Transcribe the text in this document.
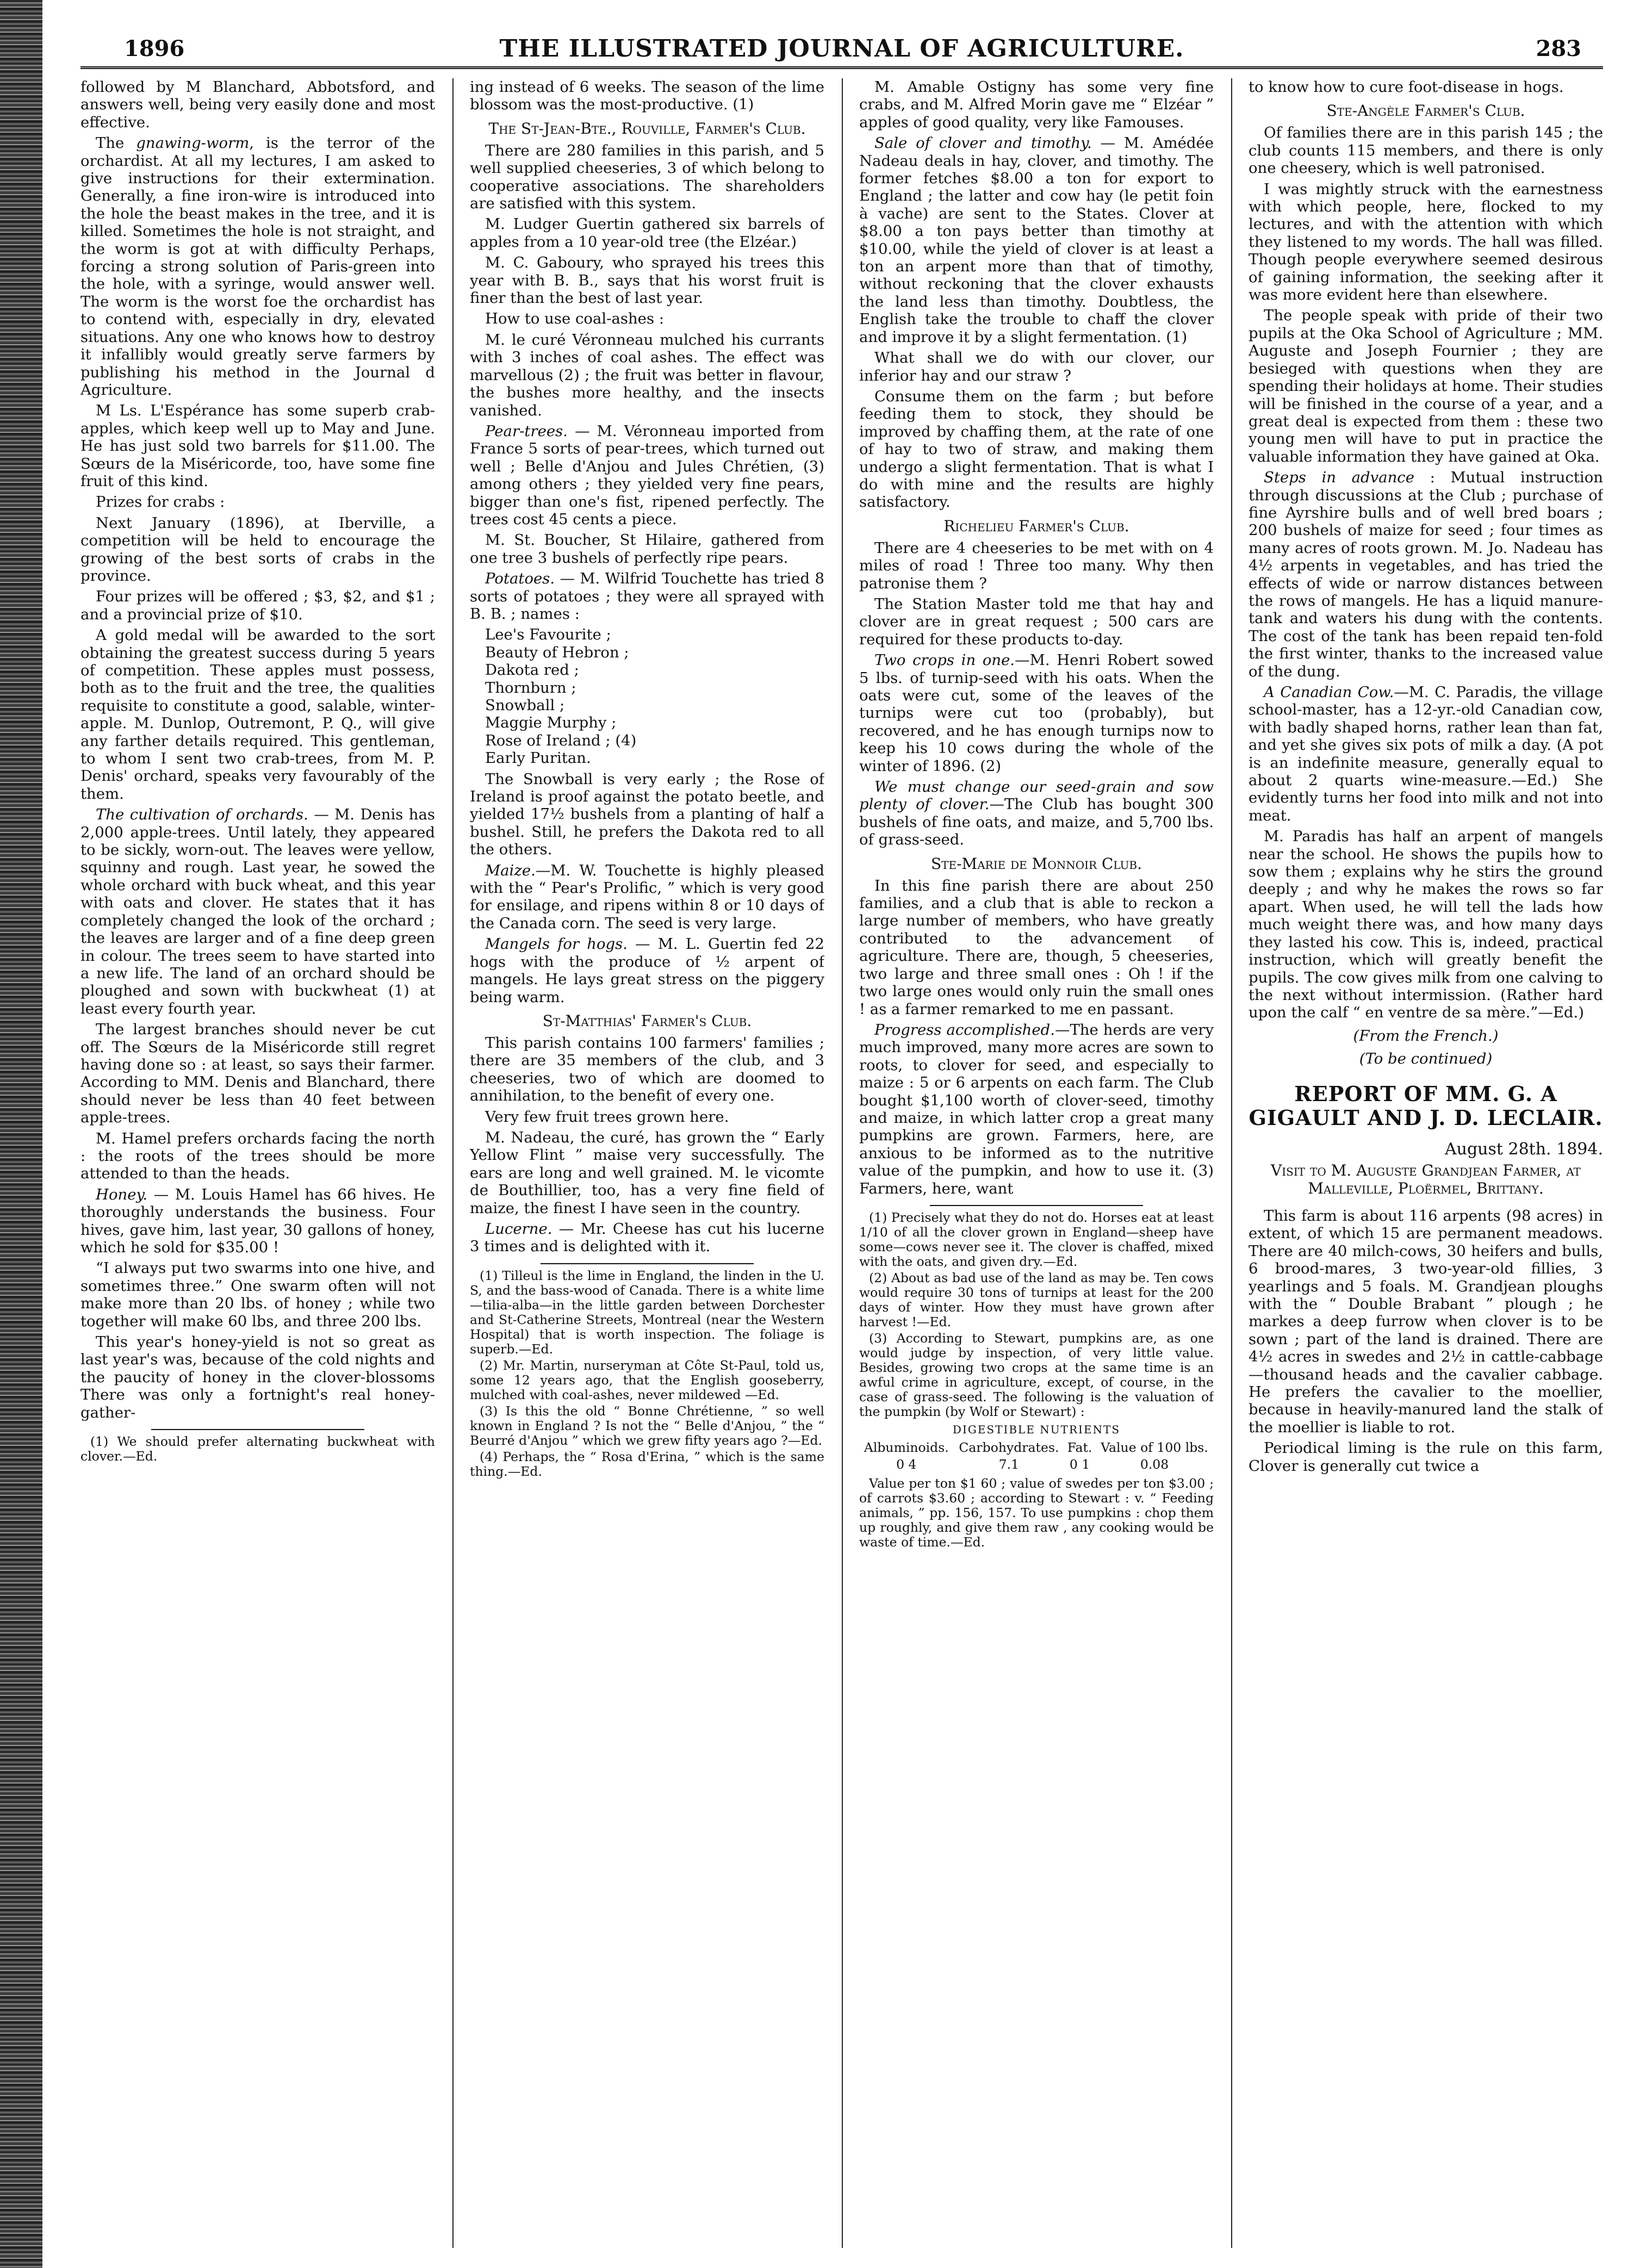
1896	THE ILLUSTRATED JOURNAL OF AGRICULTURE.	283

followed by M Blanchard, Abbotsford, and answers well, being very easily done and most effective.

The gnawing-worm, is the terror of the orchardist. At all my lectures, I am asked to give instructions for their extermination. Generally, a fine iron-wire is introduced into the hole the beast makes in the tree, and it is killed. Sometimes the hole is not straight, and the worm is got at with difficulty Perhaps, forcing a strong solution of Paris-green into the hole, with a syringe, would answer well. The worm is the worst foe the orchardist has to contend with, especially in dry, elevated situations. Any one who knows how to destroy it infallibly would greatly serve farmers by publishing his method in the Journal d Agriculture.

M Ls. L'Espérance has some superb crab-apples, which keep well up to May and June. He has just sold two barrels for $11.00. The Sœurs de la Miséricorde, too, have some fine fruit of this kind.

Prizes for crabs :

Next January (1896), at Iberville, a competition will be held to encourage the growing of the best sorts of crabs in the province.

Four prizes will be offered ; $3, $2, and $1 ; and a provincial prize of $10.

A gold medal will be awarded to the sort obtaining the greatest success during 5 years of competition. These apples must possess, both as to the fruit and the tree, the qualities requisite to constitute a good, salable, winter-apple. M. Dunlop, Outremont, P. Q., will give any farther details required. This gentleman, to whom I sent two crab-trees, from M. P. Denis' orchard, speaks very favourably of the them.

The cultivation of orchards. — M. Denis has 2,000 apple-trees. Until lately, they appeared to be sickly, worn-out. The leaves were yellow, squinny and rough. Last year, he sowed the whole orchard with buck wheat, and this year with oats and clover. He states that it has completely changed the look of the orchard ; the leaves are larger and of a fine deep green in colour. The trees seem to have started into a new life. The land of an orchard should be ploughed and sown with buckwheat (1) at least every fourth year.

The largest branches should never be cut off. The Sœurs de la Miséricorde still regret having done so : at least, so says their farmer. According to MM. Denis and Blanchard, there should never be less than 40 feet between apple-trees.

M. Hamel prefers orchards facing the north : the roots of the trees should be more attended to than the heads.

Honey. — M. Louis Hamel has 66 hives. He thoroughly understands the business. Four hives, gave him, last year, 30 gallons of honey, which he sold for $35.00 !

“I always put two swarms into one hive, and sometimes three.” One swarm often will not make more than 20 lbs. of honey ; while two together will make 60 lbs, and three 200 lbs.

This year's honey-yield is not so great as last year's was, because of the cold nights and the paucity of honey in the clover-blossoms There was only a fortnight's real honey-gather-

(1) We should prefer alternating buckwheat with clover.—Ed.

ing instead of 6 weeks. The season of the lime blossom was the most-productive. (1)

The St-Jean-Bte., Rouville, Farmer's Club.

There are 280 families in this parish, and 5 well supplied cheeseries, 3 of which belong to cooperative associations. The shareholders are satisfied with this system.

M. Ludger Guertin gathered six barrels of apples from a 10 year-old tree (the Elzéar.)

M. C. Gaboury, who sprayed his trees this year with B. B., says that his worst fruit is finer than the best of last year.

How to use coal-ashes :

M. le curé Véronneau mulched his currants with 3 inches of coal ashes. The effect was marvellous (2) ; the fruit was better in flavour, the bushes more healthy, and the insects vanished.

Pear-trees. — M. Véronneau imported from France 5 sorts of pear-trees, which turned out well ; Belle d'Anjou and Jules Chrétien, (3) among others ; they yielded very fine pears, bigger than one's fist, ripened perfectly. The trees cost 45 cents a piece.

M. St. Boucher, St Hilaire, gathered from one tree 3 bushels of perfectly ripe pears.

Potatoes. — M. Wilfrid Touchette has tried 8 sorts of potatoes ; they were all sprayed with B. B. ; names :

Lee's Favourite ;
Beauty of Hebron ;
Dakota red ;
Thornburn ;
Snowball ;
Maggie Murphy ;
Rose of Ireland ; (4)
Early Puritan.

The Snowball is very early ; the Rose of Ireland is proof against the potato beetle, and yielded 17½ bushels from a planting of half a bushel. Still, he prefers the Dakota red to all the others.

Maize.—M. W. Touchette is highly pleased with the “ Pear's Prolific, ” which is very good for ensilage, and ripens within 8 or 10 days of the Canada corn. The seed is very large.

Mangels for hogs. — M. L. Guertin fed 22 hogs with the produce of ½ arpent of mangels. He lays great stress on the piggery being warm.

St-Matthias' Farmer's Club.

This parish contains 100 farmers' families ; there are 35 members of the club, and 3 cheeseries, two of which are doomed to annihilation, to the benefit of every one.

Very few fruit trees grown here.

M. Nadeau, the curé, has grown the “ Early Yellow Flint ” maise very successfully. The ears are long and well grained. M. le vicomte de Bouthillier, too, has a very fine field of maize, the finest I have seen in the country.

Lucerne. — Mr. Cheese has cut his lucerne 3 times and is delighted with it.

(1) Tilleul is the lime in England, the linden in the U. S, and the bass-wood of Canada. There is a white lime—tilia-alba—in the little garden between Dorchester and St-Catherine Streets, Montreal (near the Western Hospital) that is worth inspection. The foliage is superb.—Ed.

(2) Mr. Martin, nurseryman at Côte St-Paul, told us, some 12 years ago, that the English gooseberry, mulched with coal-ashes, never mildewed —Ed.

(3) Is this the old “ Bonne Chrétienne, ” so well known in England ? Is not the “ Belle d'Anjou, ” the “ Beurré d'Anjou ” which we grew fifty years ago ?—Ed.

(4) Perhaps, the “ Rosa d'Erina, ” which is the same thing.—Ed.

M. Amable Ostigny has some very fine crabs, and M. Alfred Morin gave me “ Elzéar ” apples of good quality, very like Famouses.

Sale of clover and timothy. — M. Amédée Nadeau deals in hay, clover, and timothy. The former fetches $8.00 a ton for export to England ; the latter and cow hay (le petit foin à vache) are sent to the States. Clover at $8.00 a ton pays better than timothy at $10.00, while the yield of clover is at least a ton an arpent more than that of timothy, without reckoning that the clover exhausts the land less than timothy. Doubtless, the English take the trouble to chaff the clover and improve it by a slight fermentation. (1)

What shall we do with our clover, our inferior hay and our straw ?

Consume them on the farm ; but before feeding them to stock, they should be improved by chaffing them, at the rate of one of hay to two of straw, and making them undergo a slight fermentation. That is what I do with mine and the results are highly satisfactory.

Richelieu Farmer's Club.

There are 4 cheeseries to be met with on 4 miles of road ! Three too many. Why then patronise them ?

The Station Master told me that hay and clover are in great request ; 500 cars are required for these products to-day.

Two crops in one.—M. Henri Robert sowed 5 lbs. of turnip-seed with his oats. When the oats were cut, some of the leaves of the turnips were cut too (probably), but recovered, and he has enough turnips now to keep his 10 cows during the whole of the winter of 1896. (2)

We must change our seed-grain and sow plenty of clover.—The Club has bought 300 bushels of fine oats, and maize, and 5,700 lbs. of grass-seed.

Ste-Marie de Monnoir Club.

In this fine parish there are about 250 families, and a club that is able to reckon a large number of members, who have greatly contributed to the advancement of agriculture. There are, though, 5 cheeseries, two large and three small ones : Oh ! if the two large ones would only ruin the small ones ! as a farmer remarked to me en passant.

Progress accomplished.—The herds are very much improved, many more acres are sown to roots, to clover for seed, and especially to maize : 5 or 6 arpents on each farm. The Club bought $1,100 worth of clover-seed, timothy and maize, in which latter crop a great many pumpkins are grown. Farmers, here, are anxious to be informed as to the nutritive value of the pumpkin, and how to use it. (3) Farmers, here, want

(1) Precisely what they do not do. Horses eat at least 1/10 of all the clover grown in England—sheep have some—cows never see it. The clover is chaffed, mixed with the oats, and given dry.—Ed.

(2) About as bad use of the land as may be. Ten cows would require 30 tons of turnips at least for the 200 days of winter. How they must have grown after harvest !—Ed.

(3) According to Stewart, pumpkins are, as one would judge by inspection, of very little value. Besides, growing two crops at the same time is an awful crime in agriculture, except, of course, in the case of grass-seed. The following is the valuation of the pumpkin (by Wolf or Stewart) :

DIGESTIBLE NUTRIENTS
Albuminoids.	Carbohydrates.	Fat.	Value of 100 lbs.
0 4	7.1	0 1	0.08

Value per ton $1 60 ; value of swedes per ton $3.00 ; of carrots $3.60 ; according to Stewart : v. “ Feeding animals, ” pp. 156, 157. To use pumpkins : chop them up roughly, and give them raw , any cooking would be waste of time.—Ed.

to know how to cure foot-disease in hogs.

Ste-Angèle Farmer's Club.

Of families there are in this parish 145 ; the club counts 115 members, and there is only one cheesery, which is well patronised.

I was mightly struck with the earnestness with which people, here, flocked to my lectures, and with the attention with which they listened to my words. The hall was filled. Though people everywhere seemed desirous of gaining information, the seeking after it was more evident here than elsewhere.

The people speak with pride of their two pupils at the Oka School of Agriculture ; MM. Auguste and Joseph Fournier ; they are besieged with questions when they are spending their holidays at home. Their studies will be finished in the course of a year, and a great deal is expected from them : these two young men will have to put in practice the valuable information they have gained at Oka.

Steps in advance : Mutual instruction through discussions at the Club ; purchase of fine Ayrshire bulls and of well bred boars ; 200 bushels of maize for seed ; four times as many acres of roots grown. M. Jo. Nadeau has 4½ arpents in vegetables, and has tried the effects of wide or narrow distances between the rows of mangels. He has a liquid manure-tank and waters his dung with the contents. The cost of the tank has been repaid ten-fold the first winter, thanks to the increased value of the dung.

A Canadian Cow.—M. C. Paradis, the village school-master, has a 12-yr.-old Canadian cow, with badly shaped horns, rather lean than fat, and yet she gives six pots of milk a day. (A pot is an indefinite measure, generally equal to about 2 quarts wine-measure.—Ed.) She evidently turns her food into milk and not into meat.

M. Paradis has half an arpent of mangels near the school. He shows the pupils how to sow them ; explains why he stirs the ground deeply ; and why he makes the rows so far apart. When used, he will tell the lads how much weight there was, and how many days they lasted his cow. This is, indeed, practical instruction, which will greatly benefit the pupils. The cow gives milk from one calving to the next without intermission. (Rather hard upon the calf “ en ventre de sa mère.”—Ed.)

(From the French.)

(To be continued)

REPORT OF MM. G. A GIGAULT AND J. D. LECLAIR.

August 28th. 1894.

Visit to M. Auguste Grandjean Farmer, at Malleville, Ploërmel, Brittany.

This farm is about 116 arpents (98 acres) in extent, of which 15 are permanent meadows. There are 40 milch-cows, 30 heifers and bulls, 6 brood-mares, 3 two-year-old fillies, 3 yearlings and 5 foals. M. Grandjean ploughs with the “ Double Brabant ” plough ; he markes a deep furrow when clover is to be sown ; part of the land is drained. There are 4½ acres in swedes and 2½ in cattle-cabbage—thousand heads and the cavalier cabbage. He prefers the cavalier to the moellier, because in heavily-manured land the stalk of the moellier is liable to rot.

Periodical liming is the rule on this farm, Clover is generally cut twice a
